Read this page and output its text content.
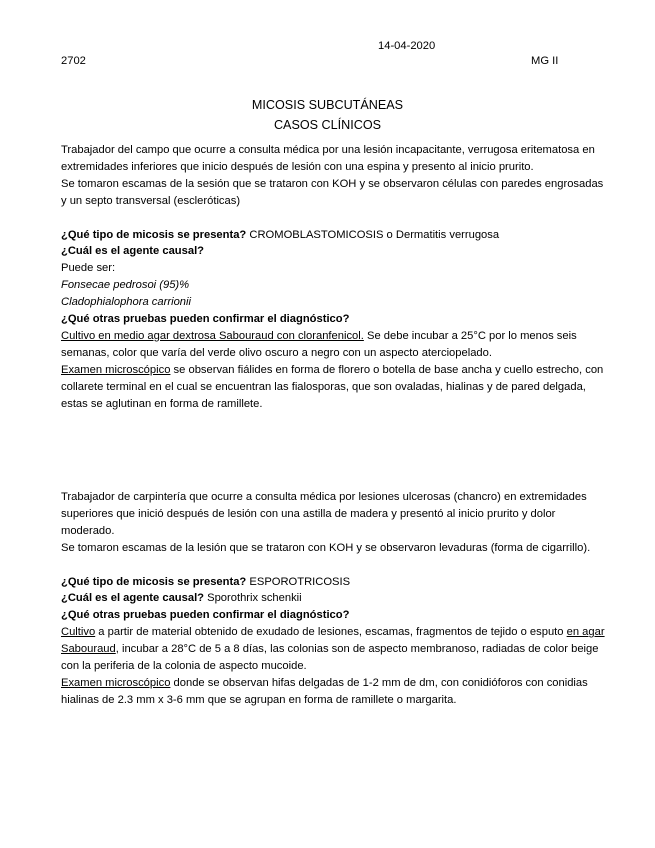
14-04-2020
2702	MG II
MICOSIS SUBCUTÁNEAS
CASOS CLÍNICOS

Trabajador del campo que ocurre a consulta médica por una lesión incapacitante, verrugosa eritematosa en extremidades inferiores que inicio después de lesión con una espina y presento al inicio prurito.

Se tomaron escamas de la sesión que se trataron con KOH y se observaron células con paredes engrosadas y un septo transversal (escleróticas)

¿Qué tipo de micosis se presenta? CROMOBLASTOMICOSIS o Dermatitis verrugosa

¿Cuál es el agente causal?

Puede ser:

Fonsecae pedrosoi (95)%

Cladophialophora carrionii

¿Qué otras pruebas pueden confirmar el diagnóstico?

Cultivo en medio agar dextrosa Sabouraud con cloranfenicol. Se debe incubar a 25°C por lo menos seis semanas, color que varía del verde olivo oscuro a negro con un aspecto aterciopelado.

Examen microscópico se observan fiálides en forma de florero o botella de base ancha y cuello estrecho, con collarete terminal en el cual se encuentran las fialosporas, que son ovaladas, hialinas y de pared delgada, estas se aglutinan en forma de ramillete.

Trabajador de carpintería que ocurre a consulta médica por lesiones ulcerosas (chancro) en extremidades superiores que inició después de lesión con una astilla de madera y presentó al inicio prurito y dolor moderado.

Se tomaron escamas de la lesión que se trataron con KOH y se observaron levaduras (forma de cigarrillo).

¿Qué tipo de micosis se presenta? ESPOROTRICOSIS

¿Cuál es el agente causal? Sporothrix schenkii

¿Qué otras pruebas pueden confirmar el diagnóstico?

Cultivo a partir de material obtenido de exudado de lesiones, escamas, fragmentos de tejido o esputo en agar Sabouraud, incubar a 28°C de 5 a 8 días, las colonias son de aspecto membranoso, radiadas de color beige con la periferia de la colonia de aspecto mucoide.

Examen microscópico donde se observan hifas delgadas de 1-2 mm de dm, con conidióforos con conidias hialinas de 2.3 mm x 3-6 mm que se agrupan en forma de ramillete o margarita.
